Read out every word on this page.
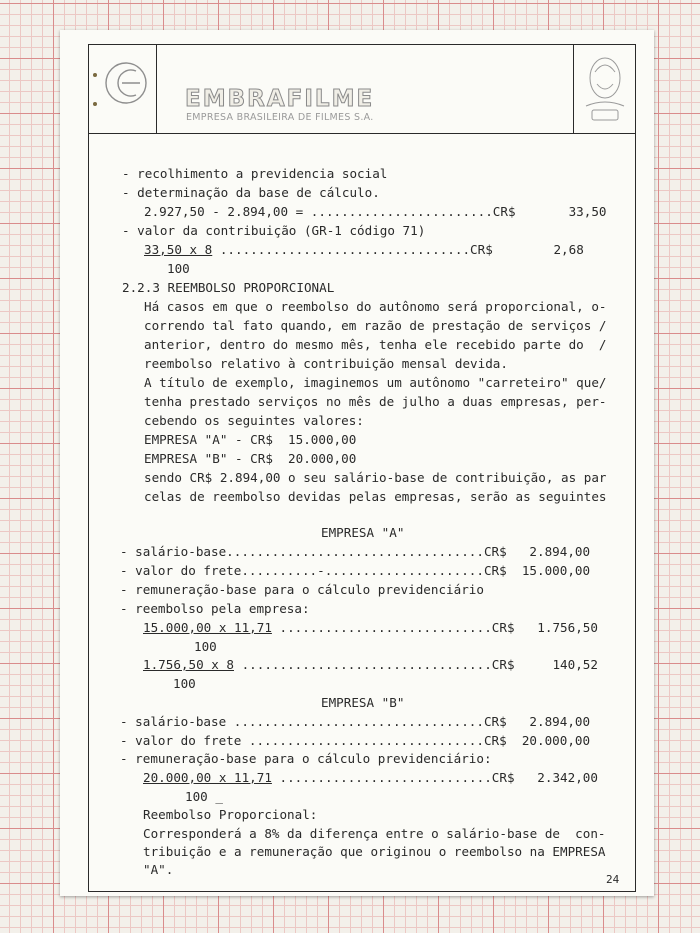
EMBRAFILME
EMPRESA BRASILEIRA DE FILMES S.A.
- recolhimento a previdencia social
- determinação da base de cálculo.
2.927,50 - 2.894,00 = ........................CR$       33,50
- valor da contribuição (GR-1 código 71)
33,50 x 8 .................................CR$        2,68
100
2.2.3 REEMBOLSO PROPORCIONAL
Há casos em que o reembolso do autônomo será proporcional, o-
correndo tal fato quando, em razão de prestação de serviços /
anterior, dentro do mesmo mês, tenha ele recebido parte do  /
reembolso relativo à contribuição mensal devida.
A título de exemplo, imaginemos um autônomo "carreteiro" que/
tenha prestado serviços no mês de julho a duas empresas, per-
cebendo os seguintes valores:
EMPRESA "A" - CR$  15.000,00
EMPRESA "B" - CR$  20.000,00
sendo CR$ 2.894,00 o seu salário-base de contribuição, as par
celas de reembolso devidas pelas empresas, serão as seguintes
EMPRESA "A"
- salário-base..................................CR$   2.894,00
- valor do frete..........-.....................CR$  15.000,00
- remuneração-base para o cálculo previdenciário
- reembolso pela empresa:
15.000,00 x 11,71 ............................CR$   1.756,50
100
1.756,50 x 8 .................................CR$     140,52
100
EMPRESA "B"
- salário-base .................................CR$   2.894,00
- valor do frete ...............................CR$  20.000,00
- remuneração-base para o cálculo previdenciário:
20.000,00 x 11,71 ............................CR$   2.342,00
100 _
Reembolso Proporcional:
Corresponderá a 8% da diferença entre o salário-base de  con-
tribuição e a remuneração que originou o reembolso na EMPRESA
"A".
24
